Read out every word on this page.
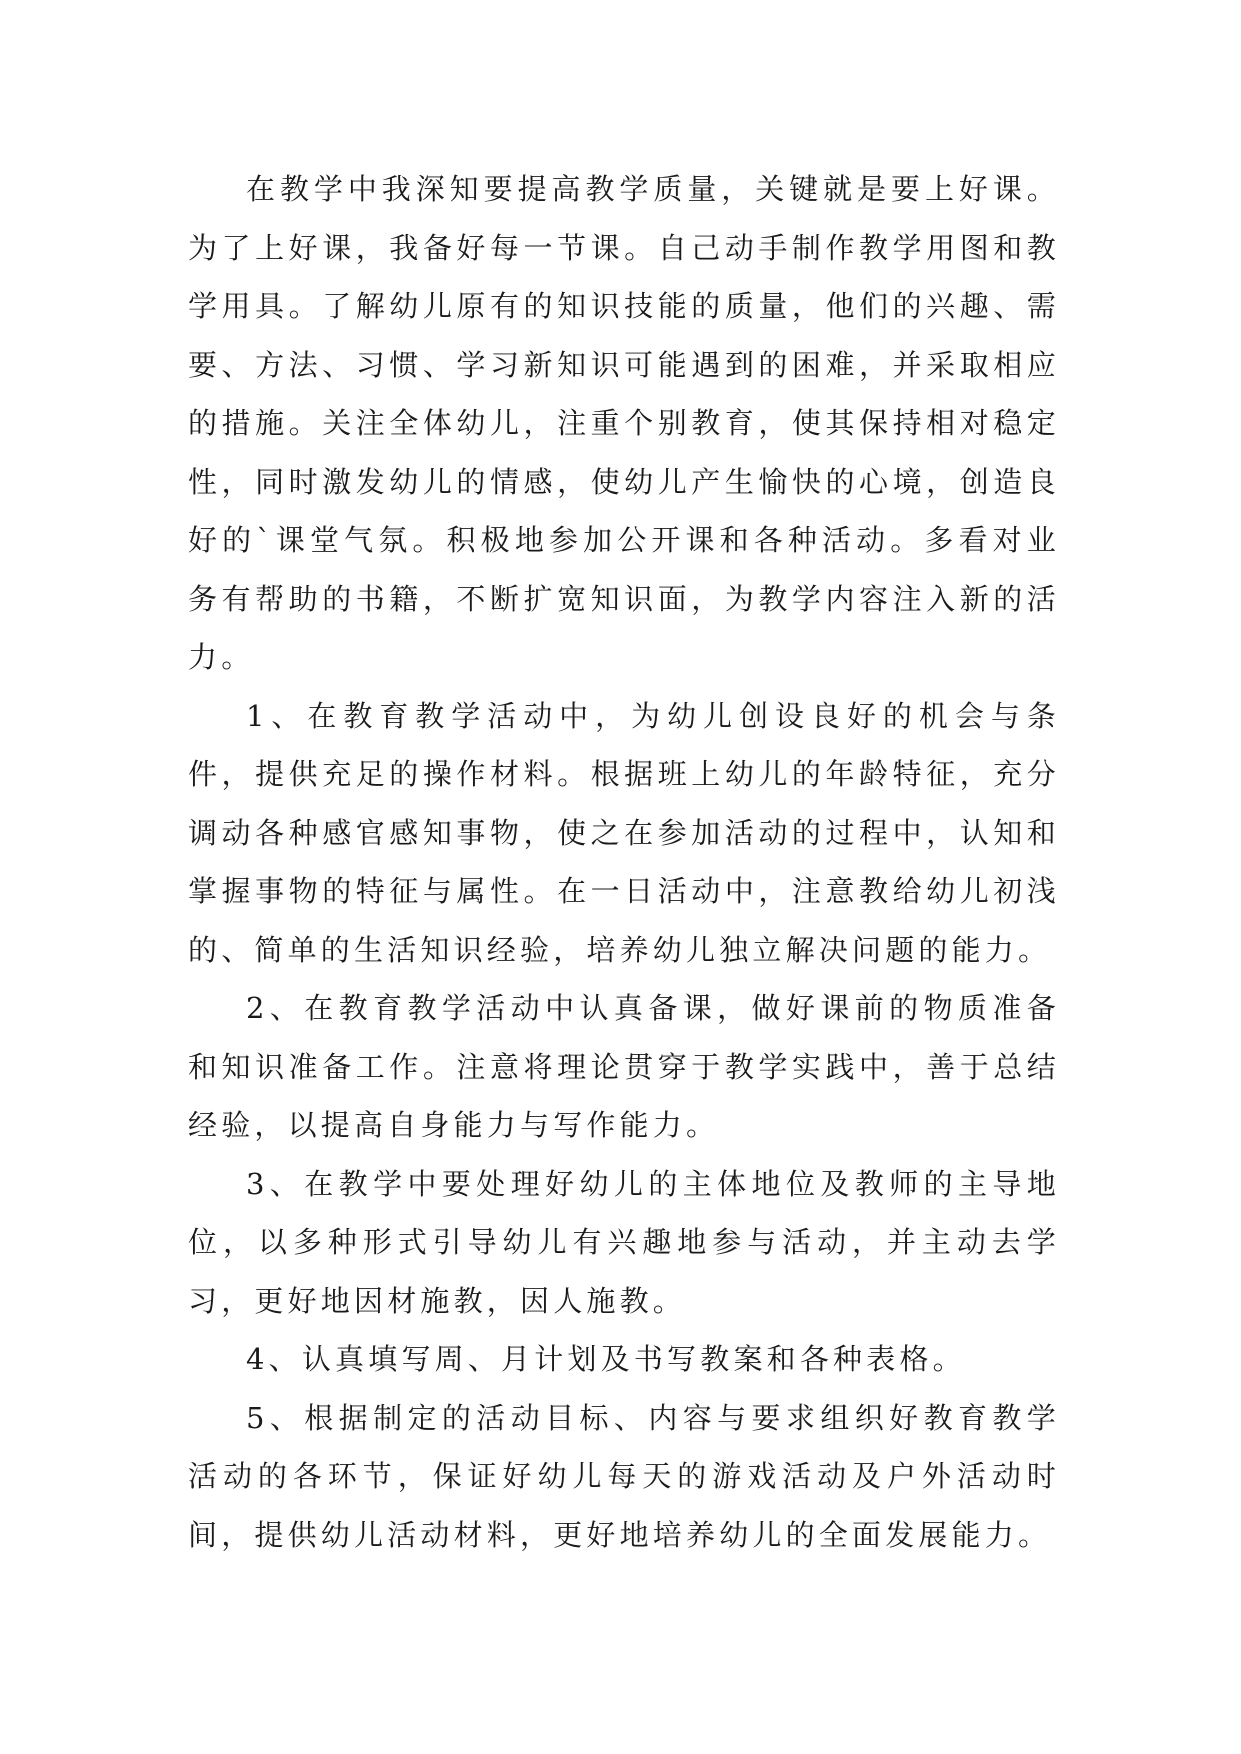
在教学中我深知要提高教学质量，关键就是要上好课。为了上好课，我备好每一节课。自己动手制作教学用图和教学用具。了解幼儿原有的知识技能的质量，他们的兴趣、需要、方法、习惯、学习新知识可能遇到的困难，并采取相应的措施。关注全体幼儿，注重个别教育，使其保持相对稳定性，同时激发幼儿的情感，使幼儿产生愉快的心境，创造良好的`课堂气氛。积极地参加公开课和各种活动。多看对业务有帮助的书籍，不断扩宽知识面，为教学内容注入新的活力。

1、在教育教学活动中，为幼儿创设良好的机会与条件，提供充足的操作材料。根据班上幼儿的年龄特征，充分调动各种感官感知事物，使之在参加活动的过程中，认知和掌握事物的特征与属性。在一日活动中，注意教给幼儿初浅的、简单的生活知识经验，培养幼儿独立解决问题的能力。

2、在教育教学活动中认真备课，做好课前的物质准备和知识准备工作。注意将理论贯穿于教学实践中，善于总结经验，以提高自身能力与写作能力。

3、在教学中要处理好幼儿的主体地位及教师的主导地位，以多种形式引导幼儿有兴趣地参与活动，并主动去学习，更好地因材施教，因人施教。

4、认真填写周、月计划及书写教案和各种表格。

5、根据制定的活动目标、内容与要求组织好教育教学活动的各环节，保证好幼儿每天的游戏活动及户外活动时间，提供幼儿活动材料，更好地培养幼儿的全面发展能力。
